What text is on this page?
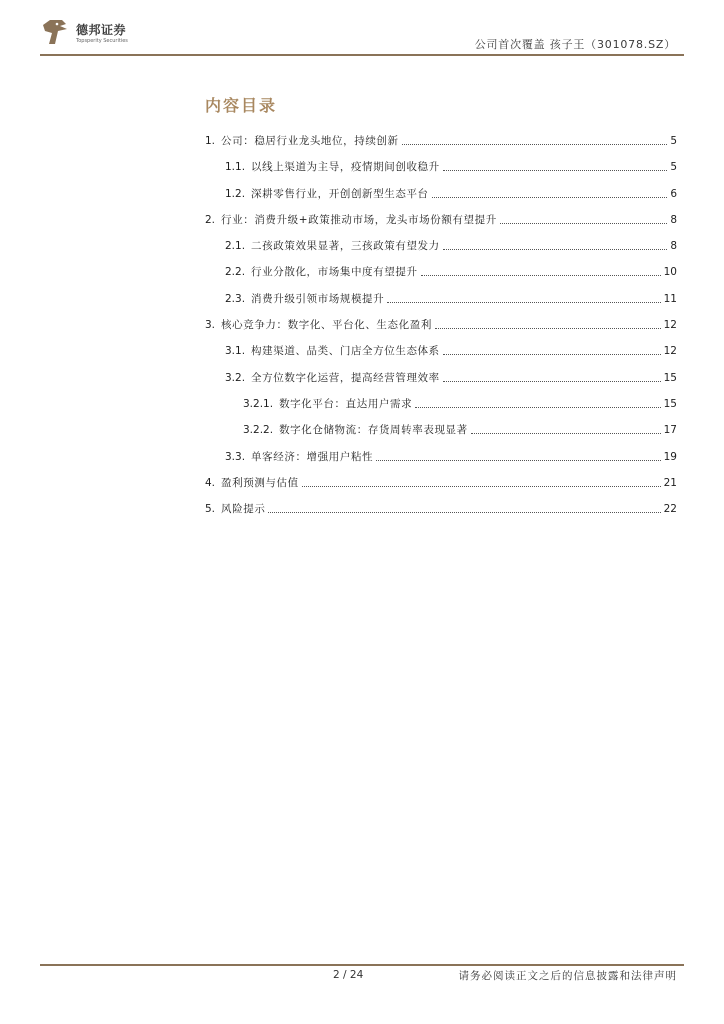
德邦证券
Topsperity Securities	公司首次覆盖 孩子王（301078.SZ）
内容目录
1. 公司：稳居行业龙头地位，持续创新	5
1.1. 以线上渠道为主导，疫情期间创收稳升	5
1.2. 深耕零售行业，开创创新型生态平台	6
2. 行业：消费升级+政策推动市场，龙头市场份额有望提升	8
2.1. 二孩政策效果显著，三孩政策有望发力	8
2.2. 行业分散化，市场集中度有望提升	10
2.3. 消费升级引领市场规模提升	11
3. 核心竞争力：数字化、平台化、生态化盈利	12
3.1. 构建渠道、品类、门店全方位生态体系	12
3.2. 全方位数字化运营，提高经营管理效率	15
3.2.1. 数字化平台：直达用户需求	15
3.2.2. 数字化仓储物流：存货周转率表现显著	17
3.3. 单客经济：增强用户粘性	19
4. 盈利预测与估值	21
5. 风险提示	22
2 / 24	请务必阅读正文之后的信息披露和法律声明
